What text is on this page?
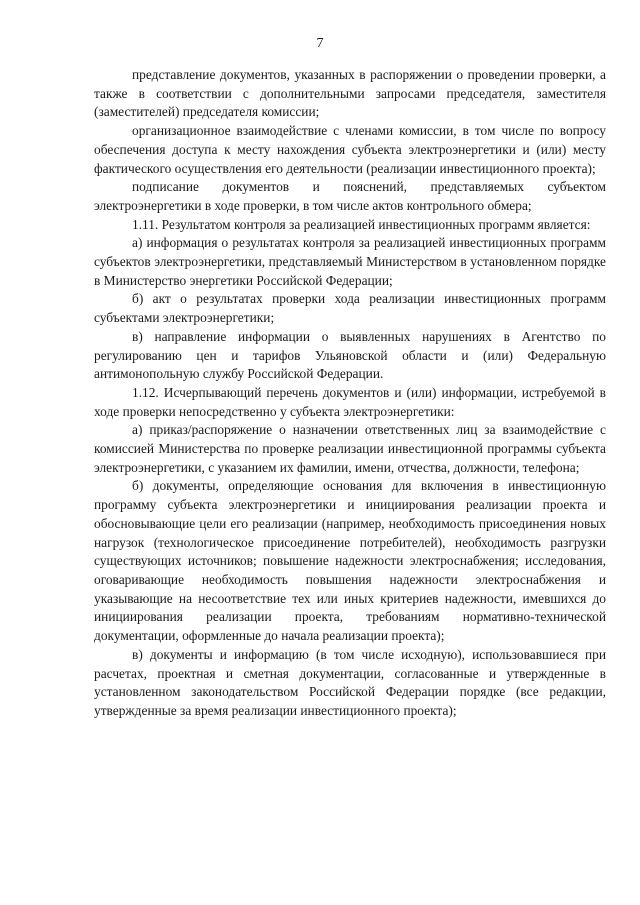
7

представление документов, указанных в распоряжении о проведении проверки, а также в соответствии с дополнительными запросами председателя, заместителя (заместителей) председателя комиссии;

организационное взаимодействие с членами комиссии, в том числе по вопросу обеспечения доступа к месту нахождения субъекта электроэнергетики и (или) месту фактического осуществления его деятельности (реализации инвестиционного проекта);

подписание документов и пояснений, представляемых субъектом электроэнергетики в ходе проверки, в том числе актов контрольного обмера;

1.11. Результатом контроля за реализацией инвестиционных программ является:

а) информация о результатах контроля за реализацией инвестиционных программ субъектов электроэнергетики, представляемый Министерством в установленном порядке в Министерство энергетики Российской Федерации;

б) акт о результатах проверки хода реализации инвестиционных программ субъектами электроэнергетики;

в) направление информации о выявленных нарушениях в Агентство по регулированию цен и тарифов Ульяновской области и (или) Федеральную антимонопольную службу Российской Федерации.

1.12. Исчерпывающий перечень документов и (или) информации, истребуемой в ходе проверки непосредственно у субъекта электроэнергетики:

а) приказ/распоряжение о назначении ответственных лиц за взаимодействие с комиссией Министерства по проверке реализации инвестиционной программы субъекта электроэнергетики, с указанием их фамилии, имени, отчества, должности, телефона;

б) документы, определяющие основания для включения в инвестиционную программу субъекта электроэнергетики и инициирования реализации проекта и обосновывающие цели его реализации (например, необходимость присоединения новых нагрузок (технологическое присоединение потребителей), необходимость разгрузки существующих источников; повышение надежности электроснабжения; исследования, оговаривающие необходимость повышения надежности электроснабжения и указывающие на несоответствие тех или иных критериев надежности, имевшихся до инициирования реализации проекта, требованиям нормативно-технической документации, оформленные до начала реализации проекта);

в) документы и информацию (в том числе исходную), использовавшиеся при расчетах, проектная и сметная документации, согласованные и утвержденные в установленном законодательством Российской Федерации порядке (все редакции, утвержденные за время реализации инвестиционного проекта);
